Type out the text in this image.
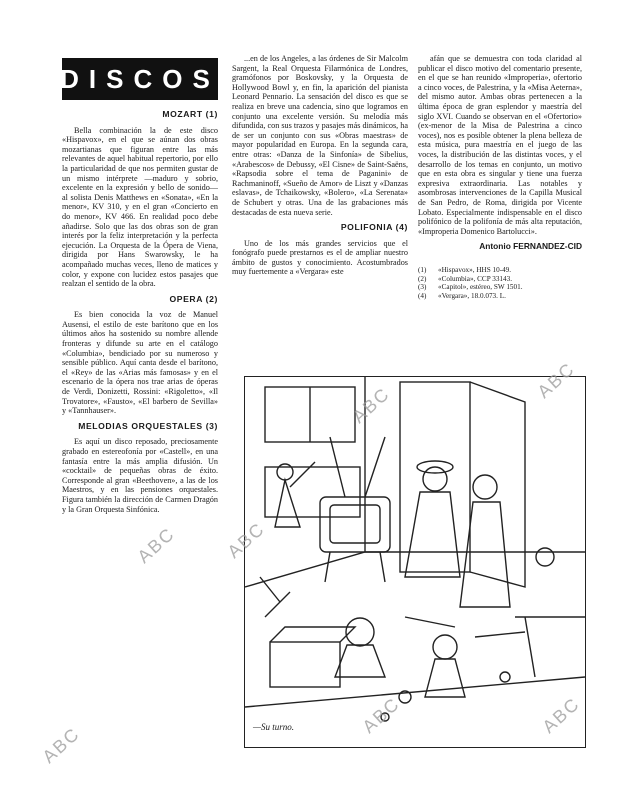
DISCOS

MOZART (1)

Bella combinación la de este disco «Hispavox», en el que se aúnan dos obras mozartianas que figuran entre las más relevantes de aquel habitual repertorio, por ello la particularidad de que nos permiten gustar de un mismo intérprete —maduro y sobrio, excelente en la expresión y bello de sonido— al solista Denis Matthews en «Sonata», «En la menor», KV 310, y en el gran «Concierto en do menor», KV 466. En realidad poco debe añadirse. Solo que las dos obras son de gran interés por la feliz interpretación y la perfecta ejecución. La Orquesta de la Ópera de Viena, dirigida por Hans Swarowsky, le ha acompañado muchas veces, lleno de matices y color, y expone con lucidez estos pasajes que realzan el sentido de la obra.

OPERA (2)

Es bien conocida la voz de Manuel Ausensi, el estilo de este barítono que en los últimos años ha sostenido su nombre allende fronteras y difunde su arte en el catálogo «Columbia», bendiciado por su numeroso y sensible público. Aquí canta desde el barítono, el «Rey» de las «Arias más famosas» y en el escenario de la ópera nos trae arias de óperas de Verdi, Donizetti, Rossini: «Rigoletto», «Il Trovatore», «Fausto», «El barbero de Sevilla» y «Tannhauser».

MELODIAS ORQUESTALES (3)

Es aquí un disco reposado, preciosamente grabado en estereofonía por «Castell», en una fantasía entre la más amplia difusión. Un «cocktail» de pequeñas obras de éxito. Corresponde al gran «Beethoven», a las de los Maestros, y en las pensiones orquestales. Figura también la dirección de Carmen Dragón y la Gran Orquesta Sinfónica.

...en de los Angeles, a las órdenes de Sir Malcolm Sargent, la Real Orquesta Filarmónica de Londres, gramófonos por Boskovsky, y la Orquesta de Hollywood Bowl y, en fin, la aparición del pianista Leonard Pennario. La sensación del disco es que se realiza en breve una cadencia, sino que logramos en conjunto una excelente versión. Su melodía más difundida, con sus trazos y pasajes más dinámicos, ha de ser un conjunto con sus «Obras maestras» de mayor popularidad en Europa. En la segunda cara, entre otras: «Danza de la Sinfonía» de Sibelius, «Arabescos» de Debussy, «El Cisne» de Saint-Saëns, «Rapsodia sobre el tema de Paganini» de Rachmaninoff, «Sueño de Amor» de Liszt y «Danzas eslavas», de Tchaikowsky, «Bolero», «La Serenata» de Schubert y otras. Una de las grabaciones más destacadas de esta nueva serie.

POLIFONIA (4)

Uno de los más grandes servicios que el fonógrafo puede prestarnos es el de ampliar nuestro ámbito de gustos y conocimiento. Acostumbrados muy fuertemente a «Vergara» este

afán que se demuestra con toda claridad al publicar el disco motivo del comentario presente, en el que se han reunido «Improperia», ofertorio a cinco voces, de Palestrina, y la «Misa Aeterna», del mismo autor. Ambas obras pertenecen a la última época de gran esplendor y maestría del siglo XVI. Cuando se observan en el «Ofertorio» (ex-menor de la Misa de Palestrina a cinco voces), nos es posible obtener la plena belleza de esta música, pura maestría en el juego de las voces, la distribución de las distintas voces, y el desarrollo de los temas en conjunto, un motivo que en esta obra es singular y tiene una fuerza expresiva extraordinaria. Las notables y asombrosas intervenciones de la Capilla Musical de San Pedro, de Roma, dirigida por Vicente Lobato. Especialmente indispensable en el disco polifónico de la polifonía de más alta reputación, «Improperia Domenico Bartolucci».

Antonio FERNANDEZ-CID
(1)	«Hispavox», HHS 10-49.
(2)	«Columbia», CCP 33143.
(3)	«Capitol», estéreo, SW 1501.
(4)	«Vergara», 18.0.073. L.
—Su turno.
ABC
ABC ABC
ABC
ABC
ABC
ABC
